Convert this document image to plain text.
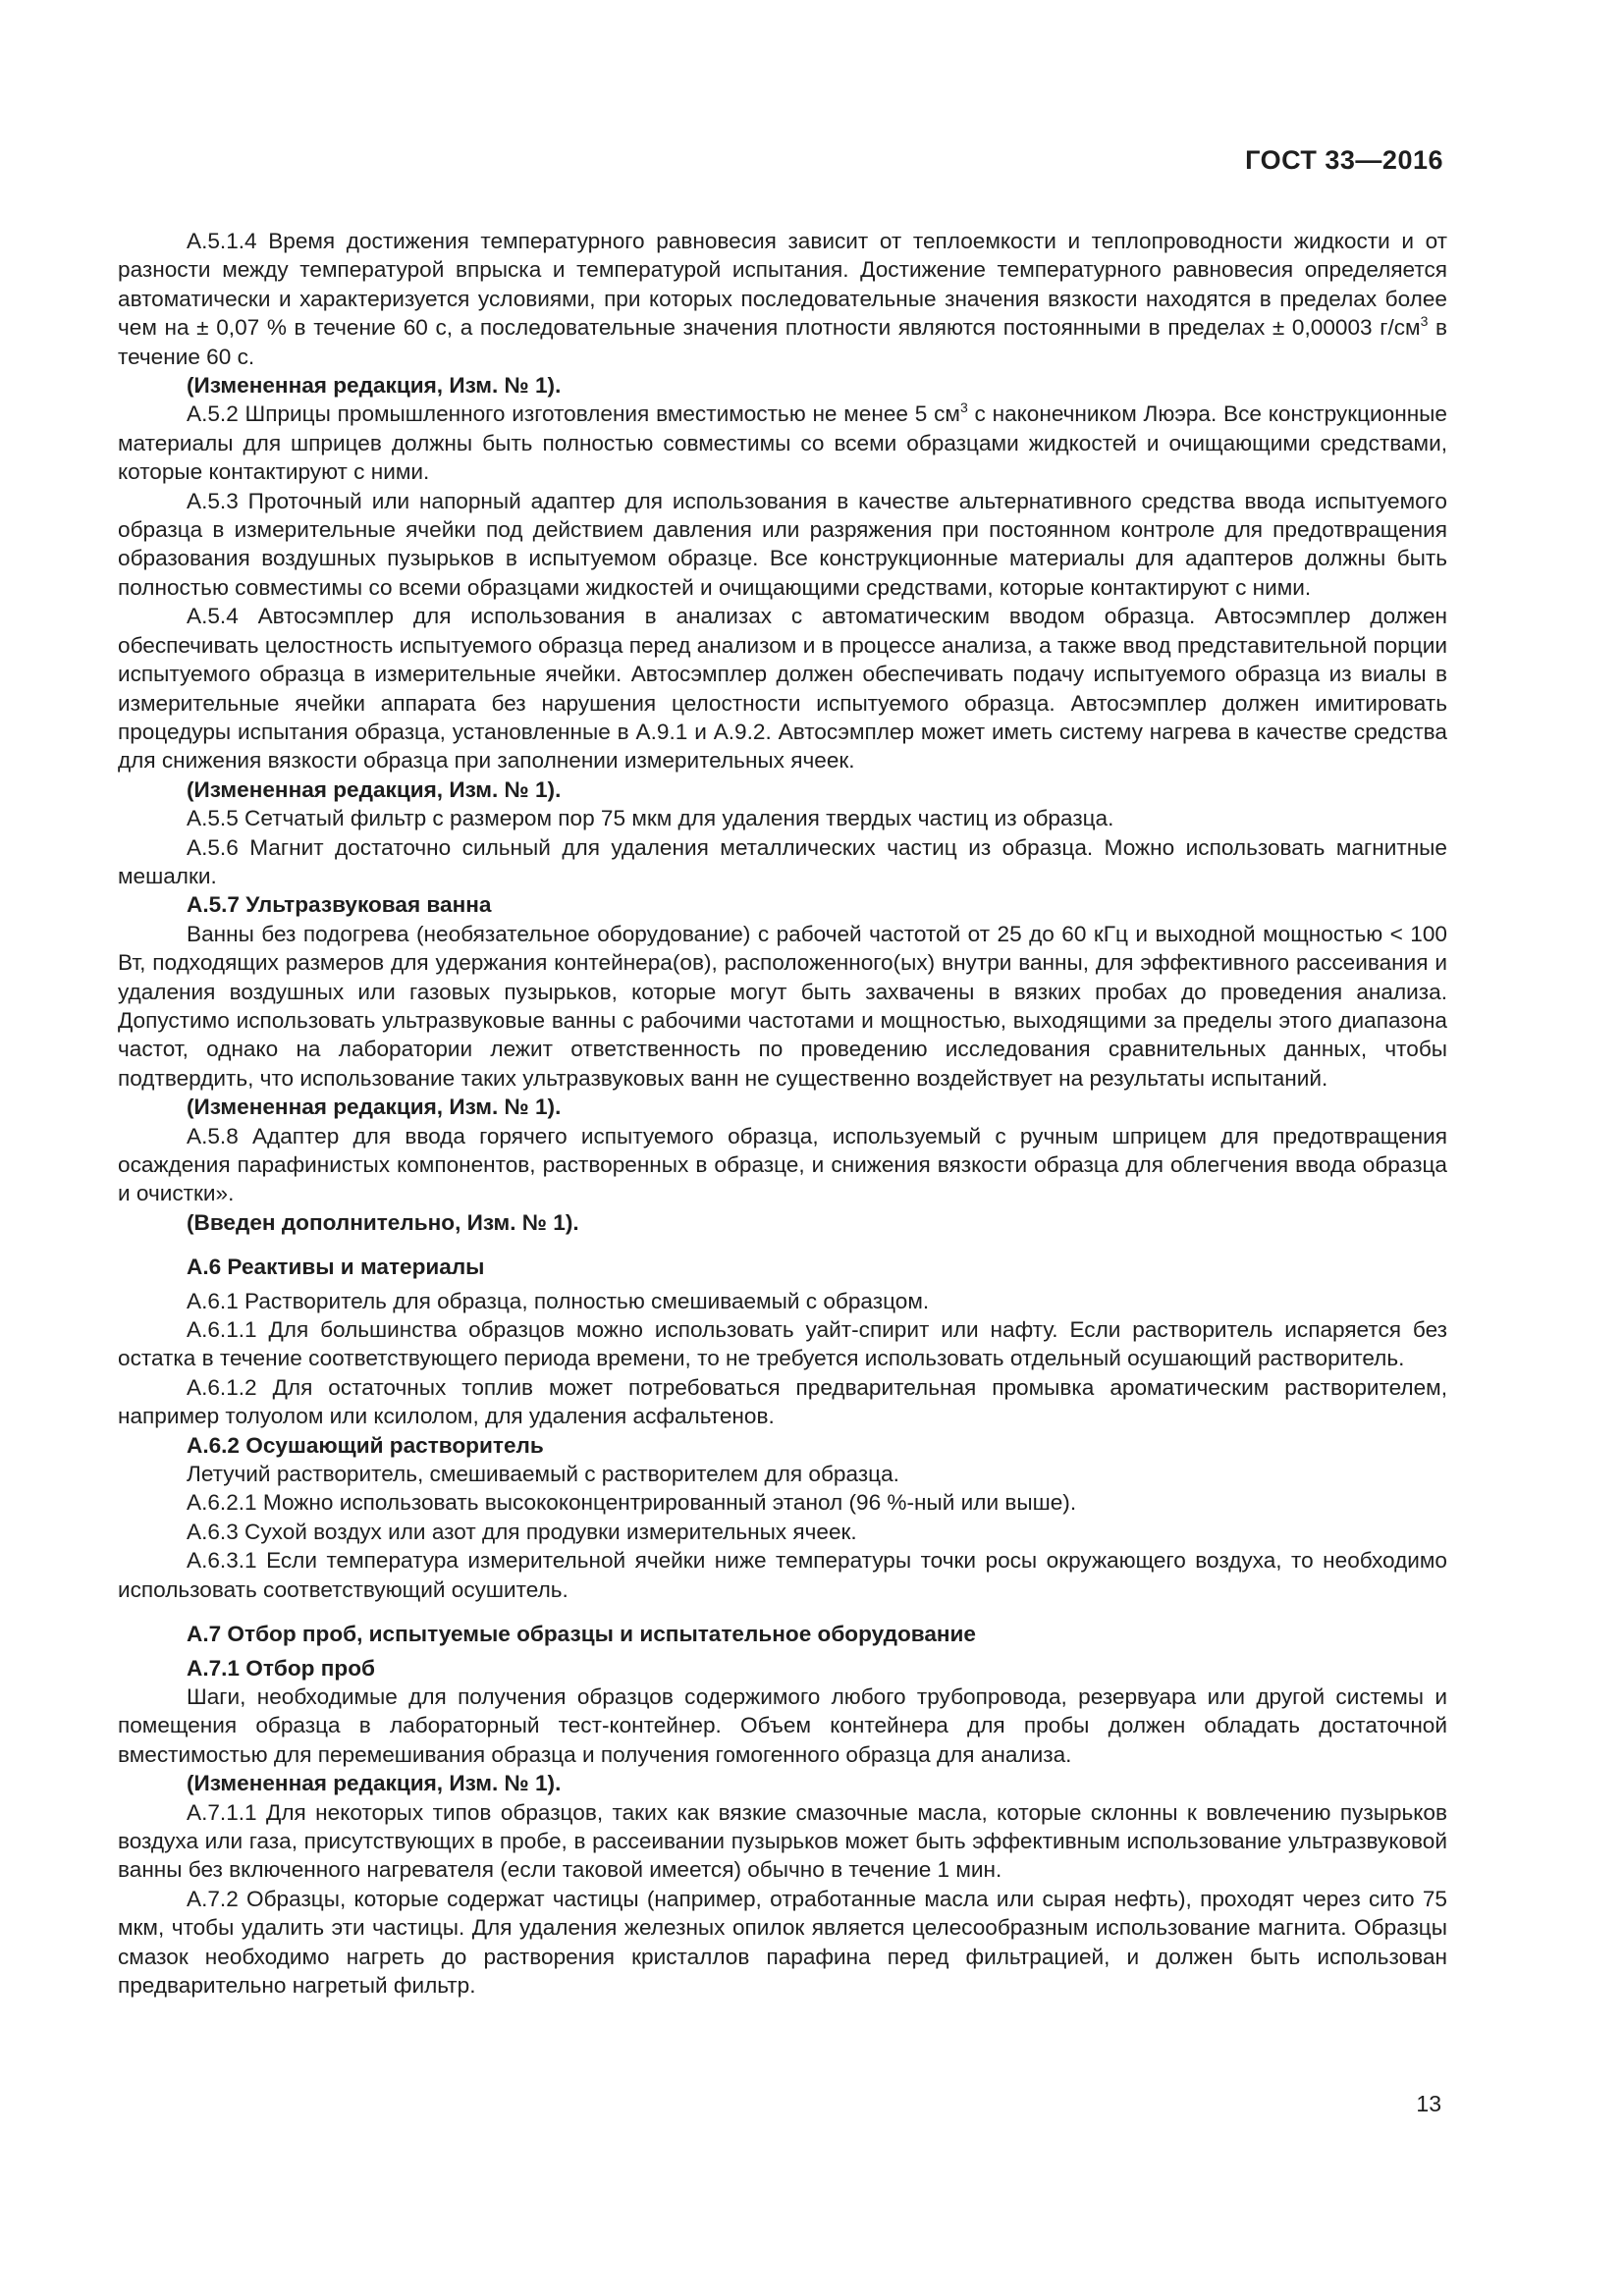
ГОСТ 33—2016

А.5.1.4 Время достижения температурного равновесия зависит от теплоемкости и теплопроводности жидкости и от разности между температурой впрыска и температурой испытания. Достижение температурного равновесия определяется автоматически и характеризуется условиями, при которых последовательные значения вязкости находятся в пределах более чем на ± 0,07 % в течение 60 с, а последовательные значения плотности являются постоянными в пределах ± 0,00003 $г/см^3$ в течение 60 с.

(Измененная редакция, Изм. № 1).

А.5.2 Шприцы промышленного изготовления вместимостью не менее 5 $см^3$ с наконечником Люэра. Все конструкционные материалы для шприцев должны быть полностью совместимы со всеми образцами жидкостей и очищающими средствами, которые контактируют с ними.

А.5.3 Проточный или напорный адаптер для использования в качестве альтернативного средства ввода испытуемого образца в измерительные ячейки под действием давления или разряжения при постоянном контроле для предотвращения образования воздушных пузырьков в испытуемом образце. Все конструкционные материалы для адаптеров должны быть полностью совместимы со всеми образцами жидкостей и очищающими средствами, которые контактируют с ними.

А.5.4 Автосэмплер для использования в анализах с автоматическим вводом образца. Автосэмплер должен обеспечивать целостность испытуемого образца перед анализом и в процессе анализа, а также ввод представительной порции испытуемого образца в измерительные ячейки. Автосэмплер должен обеспечивать подачу испытуемого образца из виалы в измерительные ячейки аппарата без нарушения целостности испытуемого образца. Автосэмплер должен имитировать процедуры испытания образца, установленные в А.9.1 и А.9.2. Автосэмплер может иметь систему нагрева в качестве средства для снижения вязкости образца при заполнении измерительных ячеек.

(Измененная редакция, Изм. № 1).

А.5.5 Сетчатый фильтр с размером пор 75 мкм для удаления твердых частиц из образца.

А.5.6 Магнит достаточно сильный для удаления металлических частиц из образца. Можно использовать магнитные мешалки.

А.5.7 Ультразвуковая ванна

Ванны без подогрева (необязательное оборудование) с рабочей частотой от 25 до 60 кГц и выходной мощностью < 100 Вт, подходящих размеров для удержания контейнера(ов), расположенного(ых) внутри ванны, для эффективного рассеивания и удаления воздушных или газовых пузырьков, которые могут быть захвачены в вязких пробах до проведения анализа. Допустимо использовать ультразвуковые ванны с рабочими частотами и мощностью, выходящими за пределы этого диапазона частот, однако на лаборатории лежит ответственность по проведению исследования сравнительных данных, чтобы подтвердить, что использование таких ультразвуковых ванн не существенно воздействует на результаты испытаний.

(Измененная редакция, Изм. № 1).

А.5.8 Адаптер для ввода горячего испытуемого образца, используемый с ручным шприцем для предотвращения осаждения парафинистых компонентов, растворенных в образце, и снижения вязкости образца для облегчения ввода образца и очистки».

(Введен дополнительно, Изм. № 1).

А.6 Реактивы и материалы

А.6.1 Растворитель для образца, полностью смешиваемый с образцом.

А.6.1.1 Для большинства образцов можно использовать уайт-спирит или нафту. Если растворитель испаряется без остатка в течение соответствующего периода времени, то не требуется использовать отдельный осушающий растворитель.

А.6.1.2 Для остаточных топлив может потребоваться предварительная промывка ароматическим растворителем, например толуолом или ксилолом, для удаления асфальтенов.

А.6.2 Осушающий растворитель

Летучий растворитель, смешиваемый с растворителем для образца.

А.6.2.1 Можно использовать высококонцентрированный этанол (96 %-ный или выше).

А.6.3 Сухой воздух или азот для продувки измерительных ячеек.

А.6.3.1 Если температура измерительной ячейки ниже температуры точки росы окружающего воздуха, то необходимо использовать соответствующий осушитель.

А.7 Отбор проб, испытуемые образцы и испытательное оборудование

А.7.1 Отбор проб

Шаги, необходимые для получения образцов содержимого любого трубопровода, резервуара или другой системы и помещения образца в лабораторный тест-контейнер. Объем контейнера для пробы должен обладать достаточной вместимостью для перемешивания образца и получения гомогенного образца для анализа.

(Измененная редакция, Изм. № 1).

А.7.1.1 Для некоторых типов образцов, таких как вязкие смазочные масла, которые склонны к вовлечению пузырьков воздуха или газа, присутствующих в пробе, в рассеивании пузырьков может быть эффективным использование ультразвуковой ванны без включенного нагревателя (если таковой имеется) обычно в течение 1 мин.

А.7.2 Образцы, которые содержат частицы (например, отработанные масла или сырая нефть), проходят через сито 75 мкм, чтобы удалить эти частицы. Для удаления железных опилок является целесообразным использование магнита. Образцы смазок необходимо нагреть до растворения кристаллов парафина перед фильтрацией, и должен быть использован предварительно нагретый фильтр.

13
